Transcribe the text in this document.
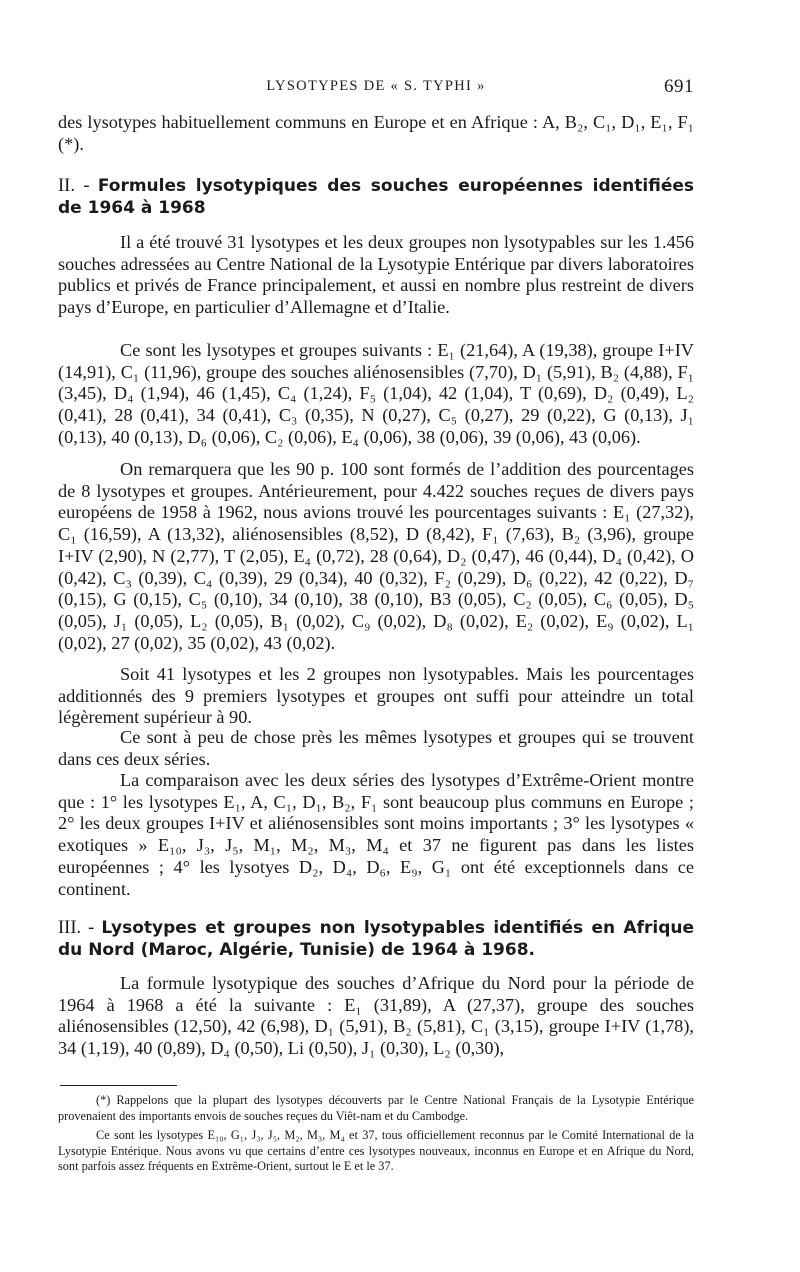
LYSOTYPES DE « S. TYPHI »	691
des lysotypes habituellement communs en Europe et en Afrique : A, B₂, C₁, D₁, E₁, F₁ (*).
II. - Formules lysotypiques des souches européennes identifiées de 1964 à 1968
Il a été trouvé 31 lysotypes et les deux groupes non lysotypables sur les 1.456 souches adressées au Centre National de la Lysotypie Entérique par divers laboratoires publics et privés de France principalement, et aussi en nombre plus restreint de divers pays d’Europe, en particulier d’Allemagne et d’Italie.
Ce sont les lysotypes et groupes suivants : E₁ (21,64), A (19,38), groupe I+IV (14,91), C₁ (11,96), groupe des souches aliénosensibles (7,70), D₁ (5,91), B₂ (4,88), F₁ (3,45), D₄ (1,94), 46 (1,45), C₄ (1,24), F₅ (1,04), 42 (1,04), T (0,69), D₂ (0,49), L₂ (0,41), 28 (0,41), 34 (0,41), C₃ (0,35), N (0,27), C₅ (0,27), 29 (0,22), G (0,13), J₁ (0,13), 40 (0,13), D₆ (0,06), C₂ (0,06), E₄ (0,06), 38 (0,06), 39 (0,06), 43 (0,06).
On remarquera que les 90 p. 100 sont formés de l’addition des pourcentages de 8 lysotypes et groupes. Antérieurement, pour 4.422 souches reçues de divers pays européens de 1958 à 1962, nous avions trouvé les pourcentages suivants : E₁ (27,32), C₁ (16,59), A (13,32), aliénosensibles (8,52), D (8,42), F₁ (7,63), B₂ (3,96), groupe I+IV (2,90), N (2,77), T (2,05), E₄ (0,72), 28 (0,64), D₂ (0,47), 46 (0,44), D₄ (0,42), O (0,42), C₃ (0,39), C₄ (0,39), 29 (0,34), 40 (0,32), F₂ (0,29), D₆ (0,22), 42 (0,22), D₇ (0,15), G (0,15), C₅ (0,10), 34 (0,10), 38 (0,10), B3 (0,05), C₂ (0,05), C₆ (0,05), D₅ (0,05), J₁ (0,05), L₂ (0,05), B₁ (0,02), C₉ (0,02), D₈ (0,02), E₂ (0,02), E₉ (0,02), L₁ (0,02), 27 (0,02), 35 (0,02), 43 (0,02).
Soit 41 lysotypes et les 2 groupes non lysotypables. Mais les pourcentages additionnés des 9 premiers lysotypes et groupes ont suffi pour atteindre un total légèrement supérieur à 90.
Ce sont à peu de chose près les mêmes lysotypes et groupes qui se trouvent dans ces deux séries.
La comparaison avec les deux séries des lysotypes d’Extrême-Orient montre que : 1° les lysotypes E₁, A, C₁, D₁, B₂, F₁ sont beaucoup plus communs en Europe ; 2° les deux groupes I+IV et aliénosensibles sont moins importants ; 3° les lysotypes « exotiques » E₁₀, J₃, J₅, M₁, M₂, M₃, M₄ et 37 ne figurent pas dans les listes européennes ; 4° les lysotyes D₂, D₄, D₆, E₉, G₁ ont été exceptionnels dans ce continent.
III. - Lysotypes et groupes non lysotypables identifiés en Afrique du Nord (Maroc, Algérie, Tunisie) de 1964 à 1968.
La formule lysotypique des souches d’Afrique du Nord pour la période de 1964 à 1968 a été la suivante : E₁ (31,89), A (27,37), groupe des souches aliénosensibles (12,50), 42 (6,98), D₁ (5,91), B₂ (5,81), C₁ (3,15), groupe I+IV (1,78), 34 (1,19), 40 (0,89), D₄ (0,50), Li (0,50), J₁ (0,30), L₂ (0,30),
(*) Rappelons que la plupart des lysotypes découverts par le Centre National Français de la Lysotypie Entérique provenaient des importants envois de souches reçues du Viêt-nam et du Cambodge.
Ce sont les lysotypes E₁₀, G₁, J₃, J₅, M₂, M₃, M₄ et 37, tous officiellement reconnus par le Comité International de la Lysotypie Entérique. Nous avons vu que certains d’entre ces lysotypes nouveaux, inconnus en Europe et en Afrique du Nord, sont parfois assez fréquents en Extrême-Orient, surtout le E et le 37.
